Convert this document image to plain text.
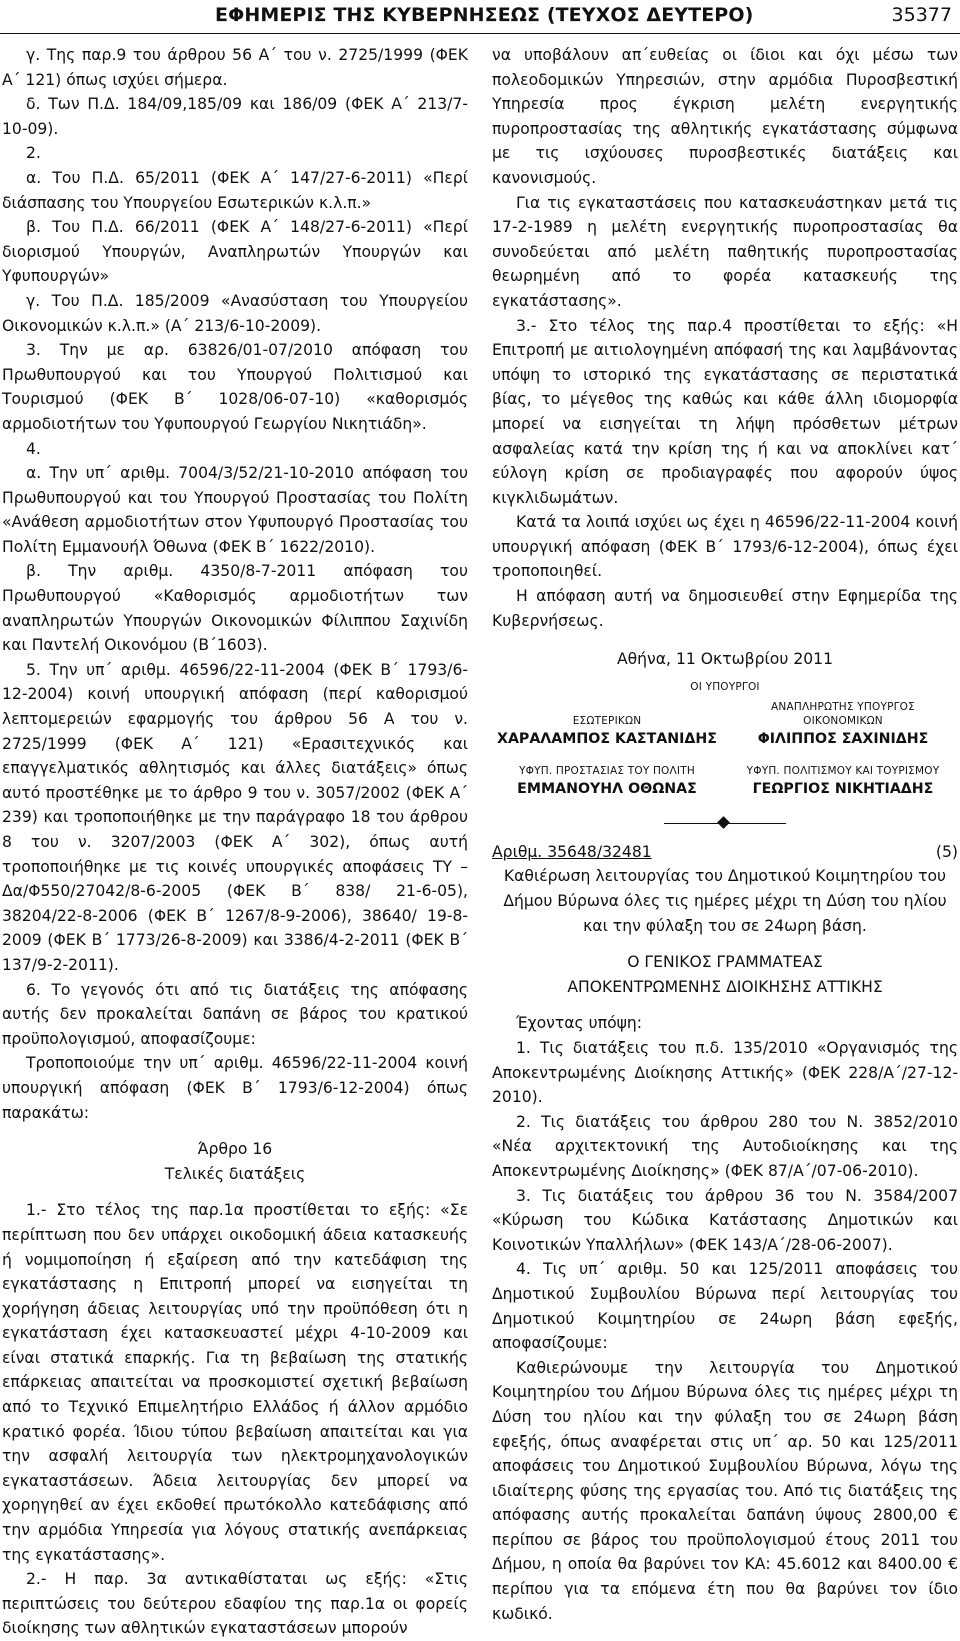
ΕΦΗΜΕΡΙΣ ΤΗΣ ΚΥΒΕΡΝΗΣΕΩΣ (ΤΕΥΧΟΣ ΔΕΥΤΕΡΟ)	35377

γ. Της παρ.9 του άρθρου 56 Α΄ του ν. 2725/1999 (ΦΕΚ Α΄ 121) όπως ισχύει σήμερα.

δ. Των Π.Δ. 184/09,185/09 και 186/09 (ΦΕΚ Α΄ 213/7-10-09).

2.

α. Του Π.Δ. 65/2011 (ΦΕΚ Α΄ 147/27-6-2011) «Περί διάσπασης του Υπουργείου Εσωτερικών κ.λ.π.»

β. Του Π.Δ. 66/2011 (ΦΕΚ Α΄ 148/27-6-2011) «Περί διορισμού Υπουργών, Αναπληρωτών Υπουργών και Υφυπουργών»

γ. Του Π.Δ. 185/2009 «Ανασύσταση του Υπουργείου Οικονομικών κ.λ.π.» (Α΄ 213/6-10-2009).

3. Την με αρ. 63826/01-07/2010 απόφαση του Πρωθυπουργού και του Υπουργού Πολιτισμού και Τουρισμού (ΦΕΚ Β΄ 1028/06-07-10) «καθορισμός αρμοδιοτήτων του Υφυπουργού Γεωργίου Νικητιάδη».

4.

α. Την υπ΄ αριθμ. 7004/3/52/21-10-2010 απόφαση του Πρωθυπουργού και του Υπουργού Προστασίας του Πολίτη «Ανάθεση αρμοδιοτήτων στον Υφυπουργό Προστασίας του Πολίτη Εμμανουήλ Όθωνα (ΦΕΚ Β΄ 1622/2010).

β. Την αριθμ. 4350/8-7-2011 απόφαση του Πρωθυπουργού «Καθορισμός αρμοδιοτήτων των αναπληρωτών Υπουργών Οικονομικών Φίλιππου Σαχινίδη και Παντελή Οικονόμου (Β΄1603).

5. Την υπ΄ αριθμ. 46596/22-11-2004 (ΦΕΚ Β΄ 1793/6-12-2004) κοινή υπουργική απόφαση (περί καθορισμού λεπτομερειών εφαρμογής του άρθρου 56 Α του ν. 2725/1999 (ΦΕΚ Α΄ 121) «Ερασιτεχνικός και επαγγελματικός αθλητισμός και άλλες διατάξεις» όπως αυτό προστέθηκε με το άρθρο 9 του ν. 3057/2002 (ΦΕΚ Α΄ 239) και τροποποιήθηκε με την παράγραφο 18 του άρθρου 8 του ν. 3207/2003 (ΦΕΚ Α΄ 302), όπως αυτή τροποποιήθηκε με τις κοινές υπουργικές αποφάσεις ΤΥ – Δα/Φ550/27042/8-6-2005 (ΦΕΚ Β΄ 838/ 21-6-05), 38204/22-8-2006 (ΦΕΚ Β΄ 1267/8-9-2006), 38640/ 19-8-2009 (ΦΕΚ Β΄ 1773/26-8-2009) και 3386/4-2-2011 (ΦΕΚ Β΄ 137/9-2-2011).

6. Το γεγονός ότι από τις διατάξεις της απόφασης αυτής δεν προκαλείται δαπάνη σε βάρος του κρατικού προϋπολογισμού, αποφασίζουμε:

Τροποποιούμε την υπ΄ αριθμ. 46596/22-11-2004 κοινή υπουργική απόφαση (ΦΕΚ Β΄ 1793/6-12-2004) όπως παρακάτω:

Άρθρο 16

Τελικές διατάξεις

1.- Στο τέλος της παρ.1α προστίθεται το εξής: «Σε περίπτωση που δεν υπάρχει οικοδομική άδεια κατασκευής ή νομιμοποίηση ή εξαίρεση από την κατεδάφιση της εγκατάστασης η Επιτροπή μπορεί να εισηγείται τη χορήγηση άδειας λειτουργίας υπό την προϋπόθεση ότι η εγκατάσταση έχει κατασκευαστεί μέχρι 4-10-2009 και είναι στατικά επαρκής. Για τη βεβαίωση της στατικής επάρκειας απαιτείται να προσκομιστεί σχετική βεβαίωση από το Τεχνικό Επιμελητήριο Ελλάδος ή άλλον αρμόδιο κρατικό φορέα. Ίδιου τύπου βεβαίωση απαιτείται και για την ασφαλή λειτουργία των ηλεκτρομηχανολογικών εγκαταστάσεων. Άδεια λειτουργίας δεν μπορεί να χορηγηθεί αν έχει εκδοθεί πρωτόκολλο κατεδάφισης από την αρμόδια Υπηρεσία για λόγους στατικής ανεπάρκειας της εγκατάστασης».

2.- Η παρ. 3α αντικαθίσταται ως εξής: «Στις περιπτώσεις του δεύτερου εδαφίου της παρ.1α οι φορείς διοίκησης των αθλητικών εγκαταστάσεων μπορούν

να υποβάλουν απ΄ευθείας οι ίδιοι και όχι μέσω των πολεοδομικών Υπηρεσιών, στην αρμόδια Πυροσβεστική Υπηρεσία προς έγκριση μελέτη ενεργητικής πυροπροστασίας της αθλητικής εγκατάστασης σύμφωνα με τις ισχύουσες πυροσβεστικές διατάξεις και κανονισμούς.

Για τις εγκαταστάσεις που κατασκευάστηκαν μετά τις 17-2-1989 η μελέτη ενεργητικής πυροπροστασίας θα συνοδεύεται από μελέτη παθητικής πυροπροστασίας θεωρημένη από το φορέα κατασκευής της εγκατάστασης».

3.- Στο τέλος της παρ.4 προστίθεται το εξής: «Η Επιτροπή με αιτιολογημένη απόφασή της και λαμβάνοντας υπόψη το ιστορικό της εγκατάστασης σε περιστατικά βίας, το μέγεθος της καθώς και κάθε άλλη ιδιομορφία μπορεί να εισηγείται τη λήψη πρόσθετων μέτρων ασφαλείας κατά την κρίση της ή και να αποκλίνει κατ΄ εύλογη κρίση σε προδιαγραφές που αφορούν ύψος κιγκλιδωμάτων.

Κατά τα λοιπά ισχύει ως έχει η 46596/22-11-2004 κοινή υπουργική απόφαση (ΦΕΚ Β΄ 1793/6-12-2004), όπως έχει τροποποιηθεί.

Η απόφαση αυτή να δημοσιευθεί στην Εφημερίδα της Κυβερνήσεως.

Αθήνα, 11 Οκτωβρίου 2011
ΟΙ ΥΠΟΥΡΓΟΙ
ΕΣΩΤΕΡΙΚΩΝ
ΧΑΡΑΛΑΜΠΟΣ ΚΑΣΤΑΝΙΔΗΣ
ΑΝΑΠΛΗΡΩΤΗΣ ΥΠΟΥΡΓΟΣ
ΟΙΚΟΝΟΜΙΚΩΝ
ΦΙΛΙΠΠΟΣ ΣΑΧΙΝΙΔΗΣ
ΥΦΥΠ. ΠΡΟΣΤΑΣΙΑΣ ΤΟΥ ΠΟΛΙΤΗ
ΕΜΜΑΝΟΥΗΛ ΟΘΩΝΑΣ
ΥΦΥΠ. ΠΟΛΙΤΙΣΜΟΥ ΚΑΙ ΤΟΥΡΙΣΜΟΥ
ΓΕΩΡΓΙΟΣ ΝΙΚΗΤΙΑΔΗΣ
Αριθμ. 35648/32481	(5)

Καθιέρωση λειτουργίας του Δημοτικού Κοιμητηρίου του Δήμου Βύρωνα όλες τις ημέρες μέχρι τη Δύση του ηλίου και την φύλαξη του σε 24ωρη βάση.

Ο ΓΕΝΙΚΟΣ ΓΡΑΜΜΑΤΕΑΣ

ΑΠΟΚΕΝΤΡΩΜΕΝΗΣ ΔΙΟΙΚΗΣΗΣ ΑΤΤΙΚΗΣ

Έχοντας υπόψη:

1. Τις διατάξεις του π.δ. 135/2010 «Οργανισμός της Αποκεντρωμένης Διοίκησης Αττικής» (ΦΕΚ 228/Α΄/27-12-2010).

2. Τις διατάξεις του άρθρου 280 του Ν. 3852/2010 «Νέα αρχιτεκτονική της Αυτοδιοίκησης και της Αποκεντρωμένης Διοίκησης» (ΦΕΚ 87/Α΄/07-06-2010).

3. Τις διατάξεις του άρθρου 36 του Ν. 3584/2007 «Κύρωση του Κώδικα Κατάστασης Δημοτικών και Κοινοτικών Υπαλλήλων» (ΦΕΚ 143/Α΄/28-06-2007).

4. Τις υπ΄ αριθμ. 50 και 125/2011 αποφάσεις του Δημοτικού Συμβουλίου Βύρωνα περί λειτουργίας του Δημοτικού Κοιμητηρίου σε 24ωρη βάση εφεξής, αποφασίζουμε:

Καθιερώνουμε την λειτουργία του Δημοτικού Κοιμητηρίου του Δήμου Βύρωνα όλες τις ημέρες μέχρι τη Δύση του ηλίου και την φύλαξη του σε 24ωρη βάση εφεξής, όπως αναφέρεται στις υπ΄ αρ. 50 και 125/2011 αποφάσεις του Δημοτικού Συμβουλίου Βύρωνα, λόγω της ιδιαίτερης φύσης της εργασίας του. Από τις διατάξεις της απόφασης αυτής προκαλείται δαπάνη ύψους 2800,00 € περίπου σε βάρος του προϋπολογισμού έτους 2011 του Δήμου, η οποία θα βαρύνει τον ΚΑ: 45.6012 και 8400.00 € περίπου για τα επόμενα έτη που θα βαρύνει τον ίδιο κωδικό.
